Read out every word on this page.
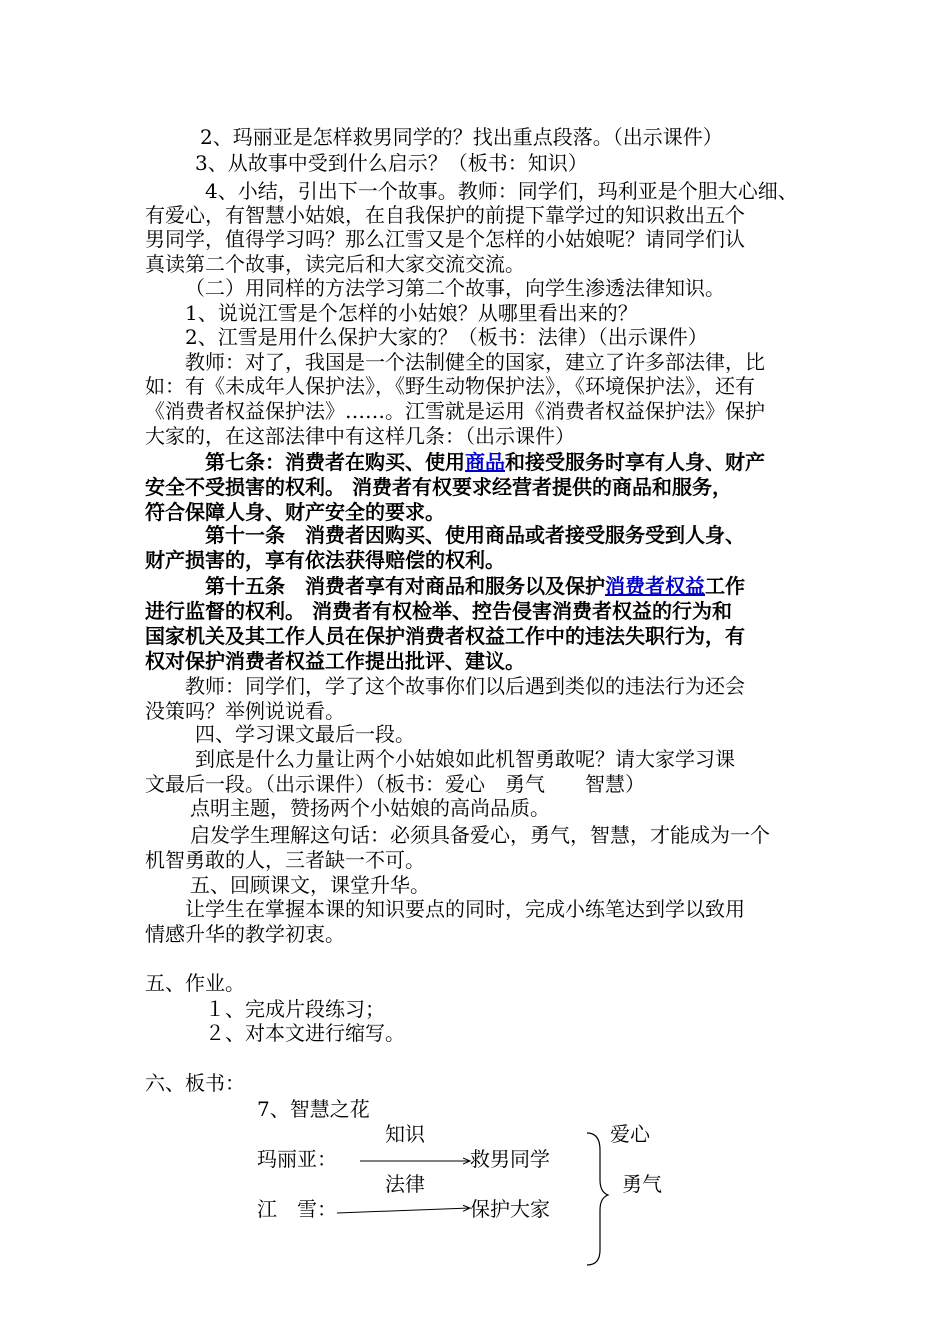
2、玛丽亚是怎样救男同学的？找出重点段落。（出示课件）
3、从故事中受到什么启示？（板书：知识）
4、小结，引出下一个故事。教师：同学们，玛利亚是个胆大心细、
有爱心，有智慧小姑娘，在自我保护的前提下靠学过的知识救出五个
男同学，值得学习吗？那么江雪又是个怎样的小姑娘呢？请同学们认
真读第二个故事，读完后和大家交流交流。
（二）用同样的方法学习第二个故事，向学生渗透法律知识。
1、说说江雪是个怎样的小姑娘？从哪里看出来的？
2、江雪是用什么保护大家的？（板书：法律）（出示课件）
教师：对了，我国是一个法制健全的国家，建立了许多部法律，比
如：有《未成年人保护法》，《野生动物保护法》，《环境保护法》，还有
《消费者权益保护法》……。江雪就是运用《消费者权益保护法》保护
大家的，在这部法律中有这样几条：（出示课件）
第七条：消费者在购买、使用商品和接受服务时享有人身、财产
安全不受损害的权利。 消费者有权要求经营者提供的商品和服务，
符合保障人身、财产安全的要求。
第十一条　消费者因购买、使用商品或者接受服务受到人身、
财产损害的，享有依法获得赔偿的权利。
第十五条　消费者享有对商品和服务以及保护消费者权益工作
进行监督的权利。 消费者有权检举、控告侵害消费者权益的行为和
国家机关及其工作人员在保护消费者权益工作中的违法失职行为，有
权对保护消费者权益工作提出批评、建议。
教师：同学们，学了这个故事你们以后遇到类似的违法行为还会
没策吗？举例说说看。
四、学习课文最后一段。
到底是什么力量让两个小姑娘如此机智勇敢呢？请大家学习课
文最后一段。（出示课件）（板书：爱心　勇气　　智慧）
点明主题，赞扬两个小姑娘的高尚品质。
启发学生理解这句话：必须具备爱心，勇气，智慧，才能成为一个
机智勇敢的人，三者缺一不可。
五、回顾课文，课堂升华。
让学生在掌握本课的知识要点的同时，完成小练笔达到学以致用
情感升华的教学初衷。
五、作业。
１、完成片段练习；
２、对本文进行缩写。
六、板书：
7、智慧之花
知识
玛丽亚：	救男同学
法律
江　雪：	保护大家
爱心
勇气
